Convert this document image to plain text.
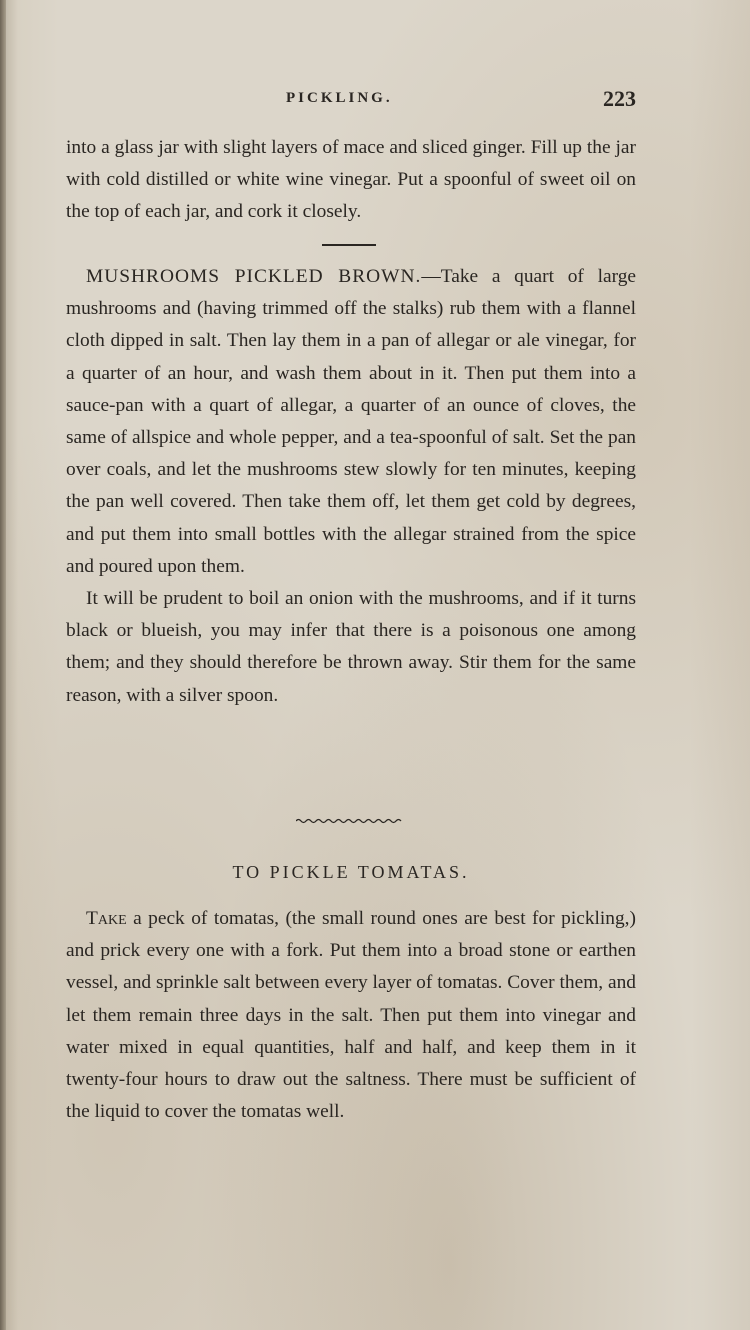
PICKLING.	223

into a glass jar with slight layers of mace and sliced ginger. Fill up the jar with cold distilled or white wine vinegar. Put a spoonful of sweet oil on the top of each jar, and cork it closely.

MUSHROOMS PICKLED BROWN.—Take a quart of large mushrooms and (having trimmed off the stalks) rub them with a flannel cloth dipped in salt. Then lay them in a pan of allegar or ale vinegar, for a quarter of an hour, and wash them about in it. Then put them into a sauce-pan with a quart of allegar, a quarter of an ounce of cloves, the same of allspice and whole pepper, and a tea-spoonful of salt. Set the pan over coals, and let the mushrooms stew slowly for ten minutes, keeping the pan well covered. Then take them off, let them get cold by degrees, and put them into small bottles with the allegar strained from the spice and poured upon them.

It will be prudent to boil an onion with the mushrooms, and if it turns black or blueish, you may infer that there is a poisonous one among them; and they should therefore be thrown away. Stir them for the same reason, with a silver spoon.

TO PICKLE TOMATAS.

Take a peck of tomatas, (the small round ones are best for pickling,) and prick every one with a fork. Put them into a broad stone or earthen vessel, and sprinkle salt between every layer of tomatas. Cover them, and let them remain three days in the salt. Then put them into vinegar and water mixed in equal quantities, half and half, and keep them in it twenty-four hours to draw out the saltness. There must be sufficient of the liquid to cover the tomatas well.
